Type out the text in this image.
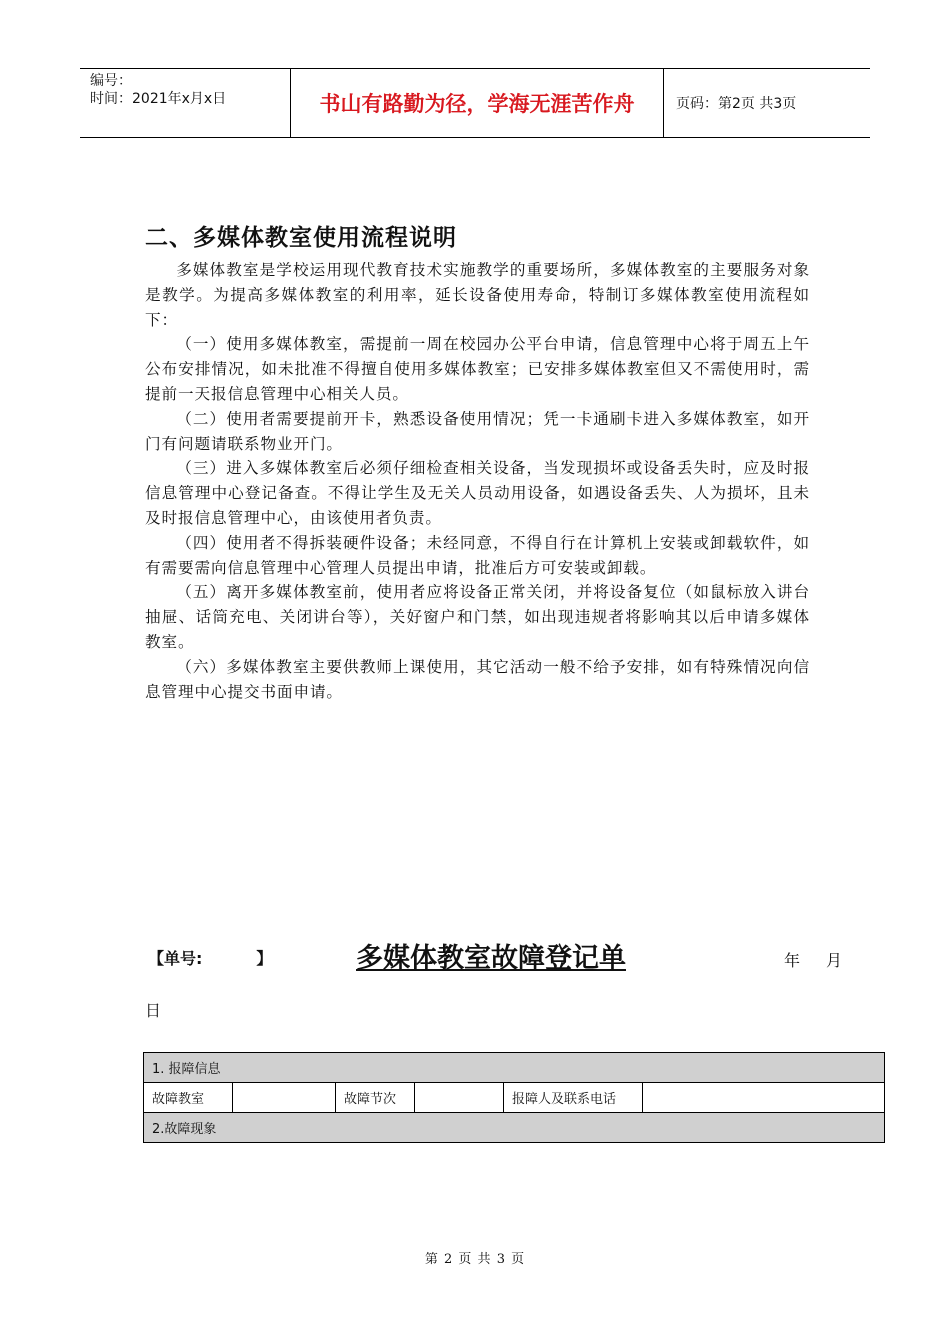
编号：
时间：2021年x月x日	书山有路勤为径，学海无涯苦作舟	页码：第2页 共3页
二、多媒体教室使用流程说明

多媒体教室是学校运用现代教育技术实施教学的重要场所，多媒体教室的主要服务对象是教学。为提高多媒体教室的利用率，延长设备使用寿命，特制订多媒体教室使用流程如下：

（一）使用多媒体教室，需提前一周在校园办公平台申请，信息管理中心将于周五上午公布安排情况，如未批准不得擅自使用多媒体教室；已安排多媒体教室但又不需使用时，需提前一天报信息管理中心相关人员。

（二）使用者需要提前开卡，熟悉设备使用情况；凭一卡通刷卡进入多媒体教室，如开门有问题请联系物业开门。

（三）进入多媒体教室后必须仔细检查相关设备，当发现损坏或设备丢失时，应及时报信息管理中心登记备查。不得让学生及无关人员动用设备，如遇设备丢失、人为损坏，且未及时报信息管理中心，由该使用者负责。

（四）使用者不得拆装硬件设备；未经同意，不得自行在计算机上安装或卸载软件，如有需要需向信息管理中心管理人员提出申请，批准后方可安装或卸载。

（五）离开多媒体教室前，使用者应将设备正常关闭，并将设备复位（如鼠标放入讲台抽屉、话筒充电、关闭讲台等），关好窗户和门禁，如出现违规者将影响其以后申请多媒体教室。

（六）多媒体教室主要供教师上课使用，其它活动一般不给予安排，如有特殊情况向信息管理中心提交书面申请。

【单号:	】	多媒体教室故障登记单	年 月
日
1. 报障信息
故障教室		故障节次		报障人及联系电话	
2.故障现象
第 2 页 共 3 页
